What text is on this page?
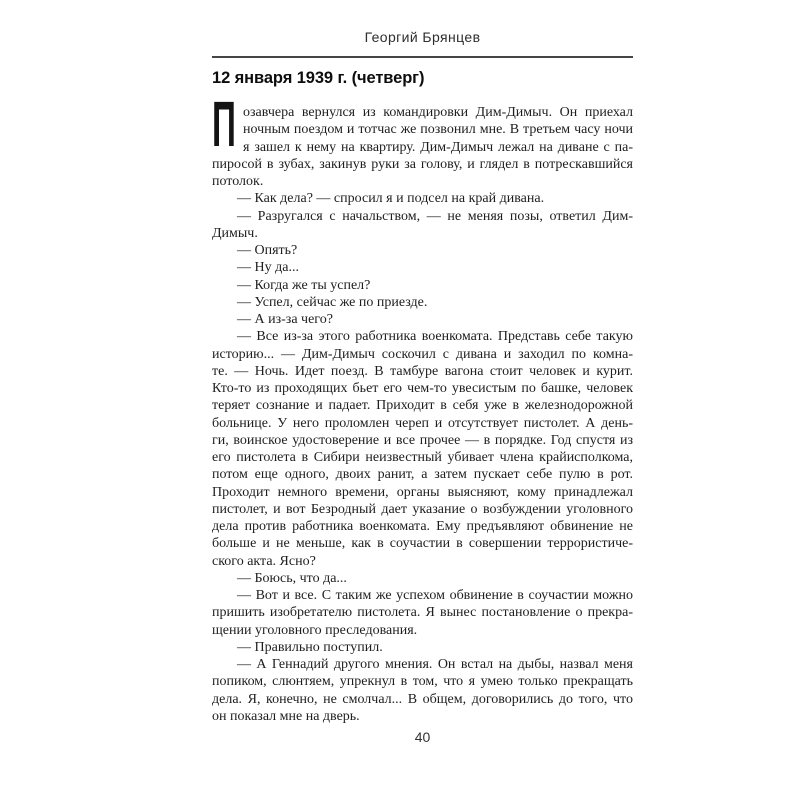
Георгий Брянцев
12 января 1939 г. (четверг)
П озавчера вернулся из командировки Дим-Димыч. Он приехал
ночным поездом и тотчас же позвонил мне. В третьем часу ночи
я зашел к нему на квартиру. Дим-Димыч лежал на диване с па-
пиросой в зубах, закинув руки за голову, и глядел в потрескавшийся
потолок.
— Как дела? — спросил я и подсел на край дивана.
— Разругался с начальством, — не меняя позы, ответил Дим-
Димыч.
— Опять?
— Ну да...
— Когда же ты успел?
— Успел, сейчас же по приезде.
— А из-за чего?
— Все из-за этого работника военкомата. Представь себе такую
историю... — Дим-Димыч соскочил с дивана и заходил по комна-
те. — Ночь. Идет поезд. В тамбуре вагона стоит человек и курит.
Кто-то из проходящих бьет его чем-то увесистым по башке, человек
теряет сознание и падает. Приходит в себя уже в железнодорожной
больнице. У него проломлен череп и отсутствует пистолет. А день-
ги, воинское удостоверение и все прочее — в порядке. Год спустя из
его пистолета в Сибири неизвестный убивает члена крайисполкома,
потом еще одного, двоих ранит, а затем пускает себе пулю в рот.
Проходит немного времени, органы выясняют, кому принадлежал
пистолет, и вот Безродный дает указание о возбуждении уголовного
дела против работника военкомата. Ему предъявляют обвинение не
больше и не меньше, как в соучастии в совершении террористиче-
ского акта. Ясно?
— Боюсь, что да...
— Вот и все. С таким же успехом обвинение в соучастии можно
пришить изобретателю пистолета. Я вынес постановление о прекра-
щении уголовного преследования.
— Правильно поступил.
— А Геннадий другого мнения. Он встал на дыбы, назвал меня
попиком, слюнтяем, упрекнул в том, что я умею только прекращать
дела. Я, конечно, не смолчал... В общем, договорились до того, что
он показал мне на дверь.
40
